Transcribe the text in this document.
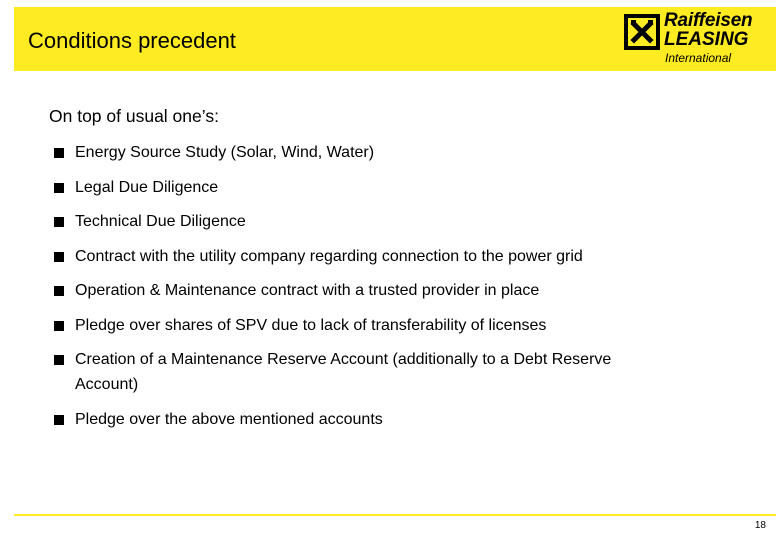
Conditions precedent
Raiffeisen
LEASING
International
On top of usual one’s:
Energy Source Study (Solar, Wind, Water)
Legal Due Diligence
Technical Due Diligence
Contract with the utility company regarding connection to the power grid
Operation & Maintenance contract with a trusted provider in place
Pledge over shares of SPV due to lack of transferability of licenses
Creation of a Maintenance Reserve Account (additionally to a Debt Reserve Account)
Pledge over the above mentioned accounts
18
